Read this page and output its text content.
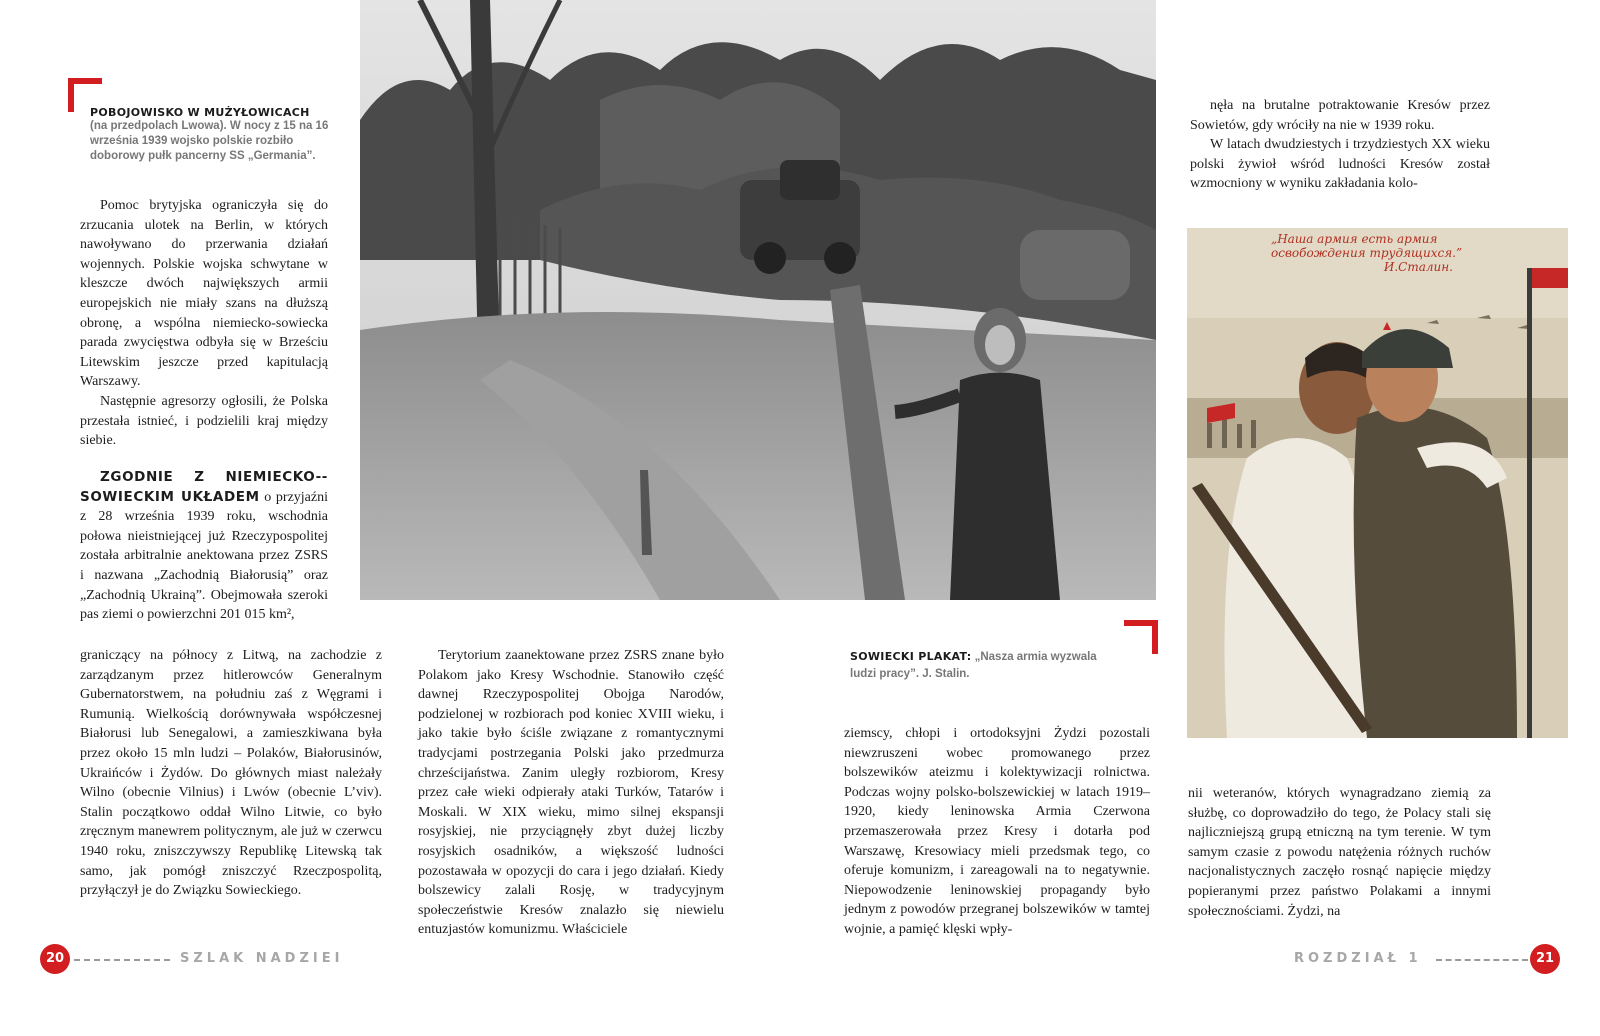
POBOJOWISKO W MUŻYŁOWICACH
(na przedpolach Lwowa). W nocy z 15 na 16 września 1939 wojsko polskie rozbiło doborowy pułk pancerny SS „Germania”.

Pomoc brytyjska ograniczyła się do zrzucania ulotek na Berlin, w których nawoływano do przerwania działań wojennych. Polskie wojska schwytane w kleszcze dwóch największych armii europejskich nie miały szans na dłuższą obronę, a wspólna niemiecko-sowiecka parada zwycięstwa odbyła się w Brześciu Litewskim jeszcze przed kapitulacją Warszawy.

Następnie agresorzy ogłosili, że Polska przestała istnieć, i podzielili kraj między siebie.

ZGODNIE Z NIEMIECKO--SOWIECKIM UKŁADEM o przyjaźni z 28 września 1939 roku, wschodnia połowa nieistniejącej już Rzeczypospolitej została arbitralnie anektowana przez ZSRS i nazwana „Zachodnią Białorusią” oraz „Zachodnią Ukrainą”. Obejmowała szeroki pas ziemi o powierzchni 201 015 km²,

graniczący na północy z Litwą, na zachodzie z zarządzanym przez hitlerowców Generalnym Gubernatorstwem, na południu zaś z Węgrami i Rumunią. Wielkością dorównywała współczesnej Białorusi lub Senegalowi, a zamieszkiwana była przez około 15 mln ludzi – Polaków, Białorusinów, Ukraińców i Żydów. Do głównych miast należały Wilno (obecnie Vilnius) i Lwów (obecnie L’viv). Stalin początkowo oddał Wilno Litwie, co było zręcznym manewrem politycznym, ale już w czerwcu 1940 roku, zniszczywszy Republikę Litewską tak samo, jak pomógł zniszczyć Rzeczpospolitą, przyłączył je do Związku Sowieckiego.

Terytorium zaanektowane przez ZSRS znane było Polakom jako Kresy Wschodnie. Stanowiło część dawnej Rzeczypospolitej Obojga Narodów, podzielonej w rozbiorach pod koniec XVIII wieku, i jako takie było ściśle związane z romantycznymi tradycjami postrzegania Polski jako przedmurza chrześcijaństwa. Zanim uległy rozbiorom, Kresy przez całe wieki odpierały ataki Turków, Tatarów i Moskali. W XIX wieku, mimo silnej ekspansji rosyjskiej, nie przyciągnęły zbyt dużej liczby rosyjskich osadników, a większość ludności pozostawała w opozycji do cara i jego działań. Kiedy bolszewicy zalali Rosję, w tradycyjnym społeczeństwie Kresów znalazło się niewielu entuzjastów komunizmu. Właściciele

20	SZLAK NADZIEI
SOWIECKI PLAKAT: „Nasza armia wyzwala ludzi pracy”. J. Stalin.

ziemscy, chłopi i ortodoksyjni Żydzi pozostali niewzruszeni wobec promowanego przez bolszewików ateizmu i kolektywizacji rolnictwa. Podczas wojny polsko-bolszewickiej w latach 1919–1920, kiedy leninowska Armia Czerwona przemaszerowała przez Kresy i dotarła pod Warszawę, Kresowiacy mieli przedsmak tego, co oferuje komunizm, i zareagowali na to negatywnie. Niepowodzenie leninowskiej propagandy było jednym z powodów przegranej bolszewików w tamtej wojnie, a pamięć klęski wpły-

nęła na brutalne potraktowanie Kresów przez Sowietów, gdy wróciły na nie w 1939 roku.

W latach dwudziestych i trzydziestych XX wieku polski żywioł wśród ludności Kresów został wzmocniony w wyniku zakładania kolo-

„Наша армия есть армия
освобождения трудящихся.”
И.Сталин.

nii weteranów, których wynagradzano ziemią za służbę, co doprowadziło do tego, że Polacy stali się najliczniejszą grupą etniczną na tym terenie. W tym samym czasie z powodu natężenia różnych ruchów nacjonalistycznych zaczęło rosnąć napięcie między popieranymi przez państwo Polakami a innymi społecznościami. Żydzi, na

ROZDZIAŁ 1	21
